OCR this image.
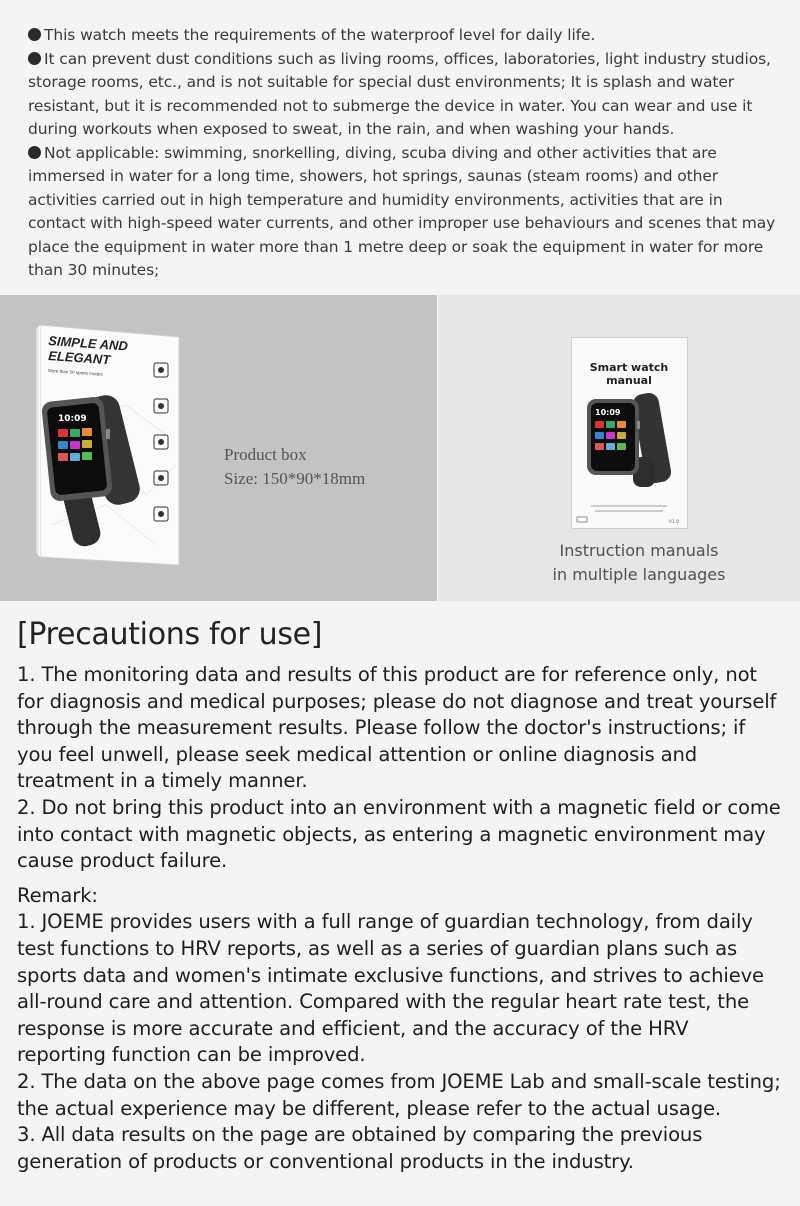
This watch meets the requirements of the waterproof level for daily life.

It can prevent dust conditions such as living rooms, offices, laboratories, light industry studios, storage rooms, etc., and is not suitable for special dust environments; It is splash and water resistant, but it is recommended not to submerge the device in water. You can wear and use it during workouts when exposed to sweat, in the rain, and when washing your hands.

Not applicable: swimming, snorkelling, diving, scuba diving and other activities that are immersed in water for a long time, showers, hot springs, saunas (steam rooms) and other activities carried out in high temperature and humidity environments, activities that are in contact with high-speed water currents, and other improper use behaviours and scenes that may place the equipment in water more than 1 metre deep or soak the equipment in water for more than 30 minutes;

SIMPLE AND
ELEGANT
More than 50 sports modes
10:09
Product box
Size: 150*90*18mm
Smart watch
manual
10:09
V1.0
Instruction manuals
in multiple languages
[Precautions for use]

1. The monitoring data and results of this product are for reference only, not for diagnosis and medical purposes; please do not diagnose and treat yourself through the measurement results. Please follow the doctor's instructions; if you feel unwell, please seek medical attention or online diagnosis and treatment in a timely manner.

2. Do not bring this product into an environment with a magnetic field or come into contact with magnetic objects, as entering a magnetic environment may cause product failure.

Remark:

1. JOEME provides users with a full range of guardian technology, from daily test functions to HRV reports, as well as a series of guardian plans such as sports data and women's intimate exclusive functions, and strives to achieve all-round care and attention. Compared with the regular heart rate test, the response is more accurate and efficient, and the accuracy of the HRV reporting function can be improved.

2. The data on the above page comes from JOEME Lab and small-scale testing; the actual experience may be different, please refer to the actual usage.

3. All data results on the page are obtained by comparing the previous generation of products or conventional products in the industry.
